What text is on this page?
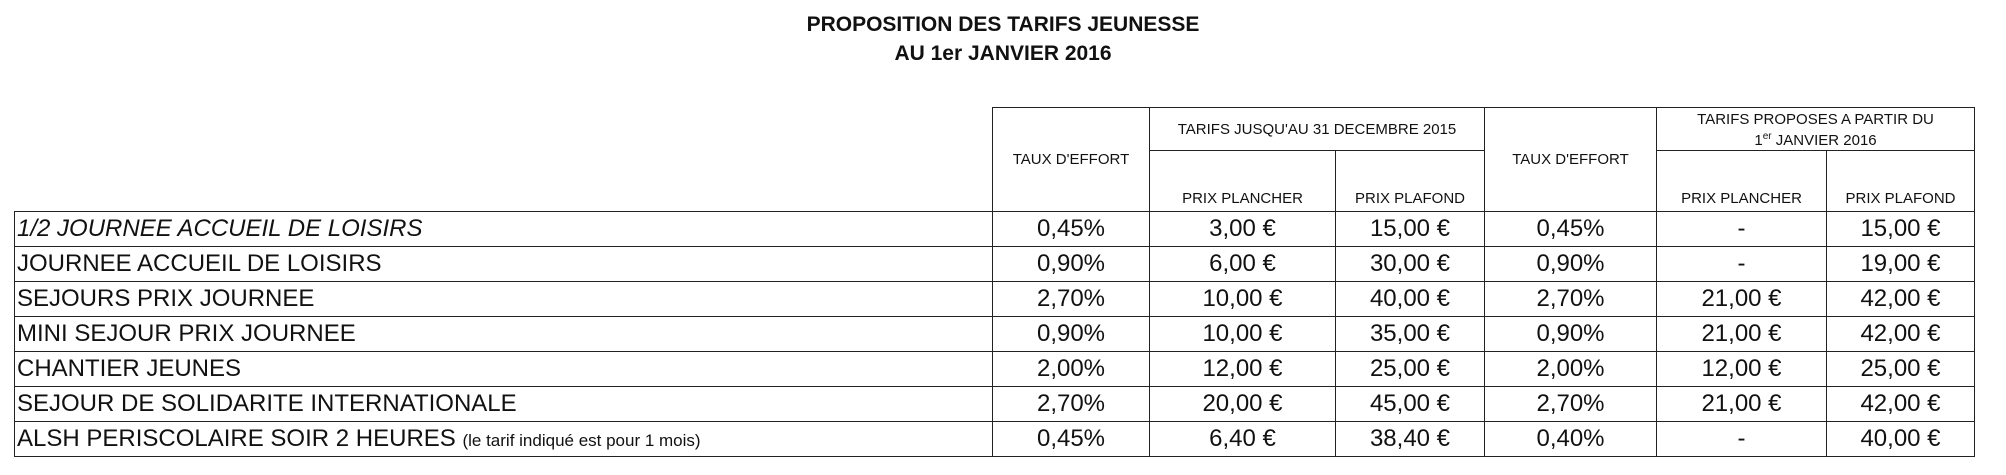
PROPOSITION DES TARIFS JEUNESSE
AU 1er JANVIER 2016
	TAUX D'EFFORT	TARIFS JUSQU'AU 31 DECEMBRE 2015		TAUX D'EFFORT	TARIFS PROPOSES A PARTIR DU
1er JANVIER 2016	

		PRIX PLANCHER	PRIX PLAFOND		PRIX PLANCHER	PRIX PLAFOND
1/2 JOURNEE ACCUEIL DE LOISIRS	0,45%	3,00 €	15,00 €	0,45%	-	15,00 €
JOURNEE ACCUEIL DE LOISIRS	0,90%	6,00 €	30,00 €	0,90%	-	19,00 €
SEJOURS PRIX JOURNEE	2,70%	10,00 €	40,00 €	2,70%	21,00 €	42,00 €
MINI SEJOUR PRIX JOURNEE	0,90%	10,00 €	35,00 €	0,90%	21,00 €	42,00 €
CHANTIER JEUNES	2,00%	12,00 €	25,00 €	2,00%	12,00 €	25,00 €
SEJOUR DE SOLIDARITE INTERNATIONALE	2,70%	20,00 €	45,00 €	2,70%	21,00 €	42,00 €
ALSH PERISCOLAIRE SOIR 2 HEURES (le tarif indiqué est pour 1 mois)	0,45%	6,40 €	38,40 €	0,40%	-	40,00 €
